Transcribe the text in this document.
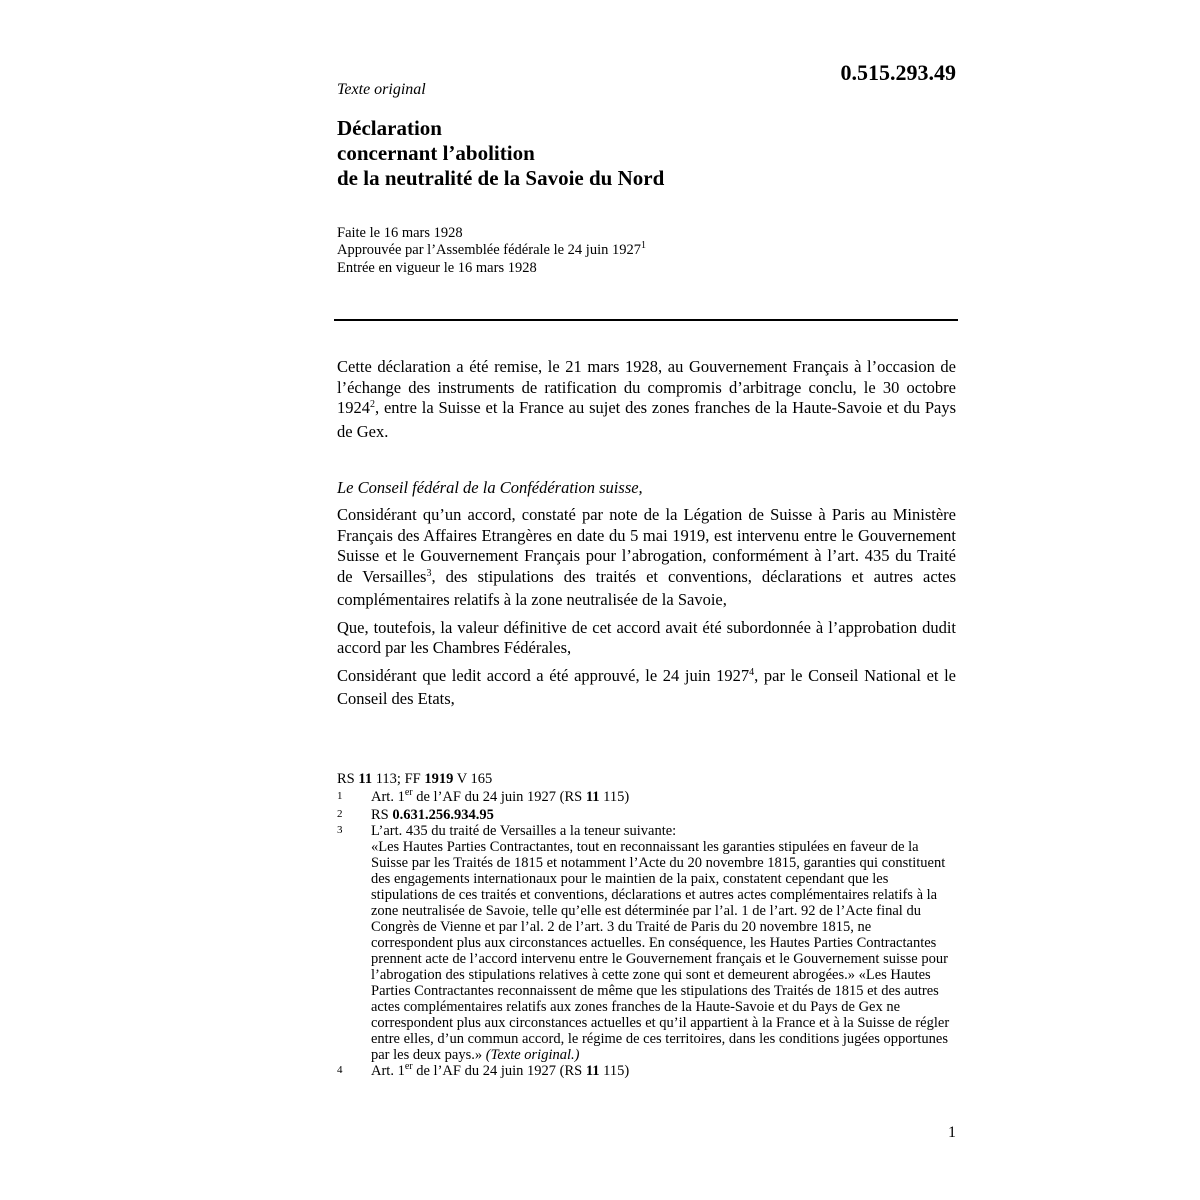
0.515.293.49
Texte original
Déclaration
concernant l’abolition
de la neutralité de la Savoie du Nord
Faite le 16 mars 1928
Approuvée par l’Assemblée fédérale le 24 juin 1927$^1$
Entrée en vigueur le 16 mars 1928

Cette déclaration a été remise, le 21 mars 1928, au Gouvernement Français à l’occasion de l’échange des instruments de ratification du compromis d’arbitrage conclu, le 30 octobre 1924$^2$, entre la Suisse et la France au sujet des zones franches de la Haute-Savoie et du Pays de Gex.

Le Conseil fédéral de la Confédération suisse,

Considérant qu’un accord, constaté par note de la Légation de Suisse à Paris au Ministère Français des Affaires Etrangères en date du 5 mai 1919, est intervenu entre le Gouvernement Suisse et le Gouvernement Français pour l’abrogation, conformément à l’art. 435 du Traité de Versailles$^3$, des stipulations des traités et conventions, déclarations et autres actes complémentaires relatifs à la zone neutralisée de la Savoie,

Que, toutefois, la valeur définitive de cet accord avait été subordonnée à l’approbation dudit accord par les Chambres Fédérales,

Considérant que ledit accord a été approuvé, le 24 juin 1927$^4$, par le Conseil National et le Conseil des Etats,

RS 11 113; FF 1919 V 165
1 Art. 1er de l’AF du 24 juin 1927 (RS 11 115)
2 RS 0.631.256.934.95
3 L’art. 435 du traité de Versailles a la teneur suivante:

«Les Hautes Parties Contractantes, tout en reconnaissant les garanties stipulées en faveur de la Suisse par les Traités de 1815 et notamment l’Acte du 20 novembre 1815, garanties qui constituent des engagements internationaux pour le maintien de la paix, constatent cependant que les stipulations de ces traités et conventions, déclarations et autres actes complémentaires relatifs à la zone neutralisée de Savoie, telle qu’elle est déterminée par l’al. 1 de l’art. 92 de l’Acte final du Congrès de Vienne et par l’al. 2 de l’art. 3 du Traité de Paris du 20 novembre 1815, ne correspondent plus aux circonstances actuelles. En conséquence, les Hautes Parties Contractantes prennent acte de l’accord intervenu entre le Gouvernement français et le Gouvernement suisse pour l’abrogation des stipulations relatives à cette zone qui sont et demeurent abrogées.» «Les Hautes Parties Contractantes reconnaissent de même que les stipulations des Traités de 1815 et des autres actes complémentaires relatifs aux zones franches de la Haute-Savoie et du Pays de Gex ne correspondent plus aux circonstances actuelles et qu’il appartient à la France et à la Suisse de régler entre elles, d’un commun accord, le régime de ces territoires, dans les conditions jugées opportunes par les deux pays.» (Texte original.)

4 Art. 1er de l’AF du 24 juin 1927 (RS 11 115)
1
